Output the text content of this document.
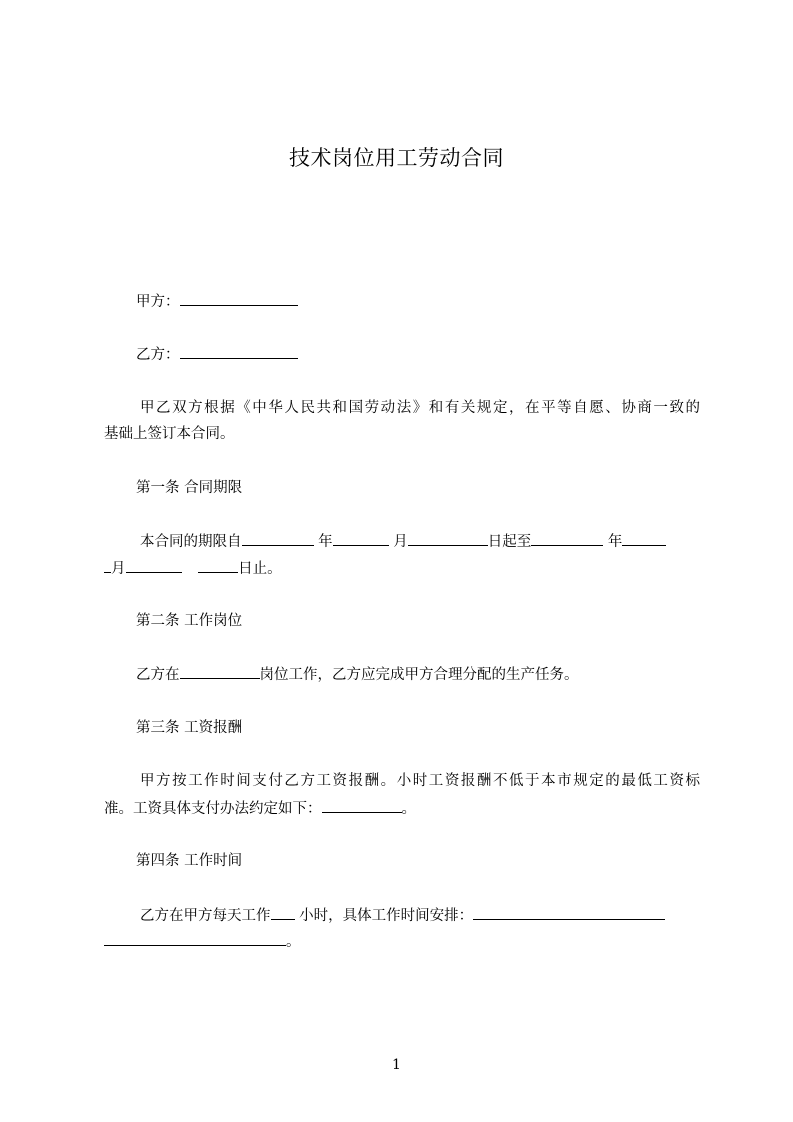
技术岗位用工劳动合同
甲方：
乙方：
甲乙双方根据《中华人民共和国劳动法》和有关规定，在平等自愿、协商一致的
基础上签订本合同。
第一条 合同期限
本合同的期限自	年	月	日起至	年
月	日止。
第二条 工作岗位
乙方在	岗位工作，乙方应完成甲方合理分配的生产任务。
第三条 工资报酬
甲方按工作时间支付乙方工资报酬。小时工资报酬不低于本市规定的最低工资标
准。工资具体支付办法约定如下：	。
第四条 工作时间
乙方在甲方每天工作 小时，具体工作时间安排：
。
1
